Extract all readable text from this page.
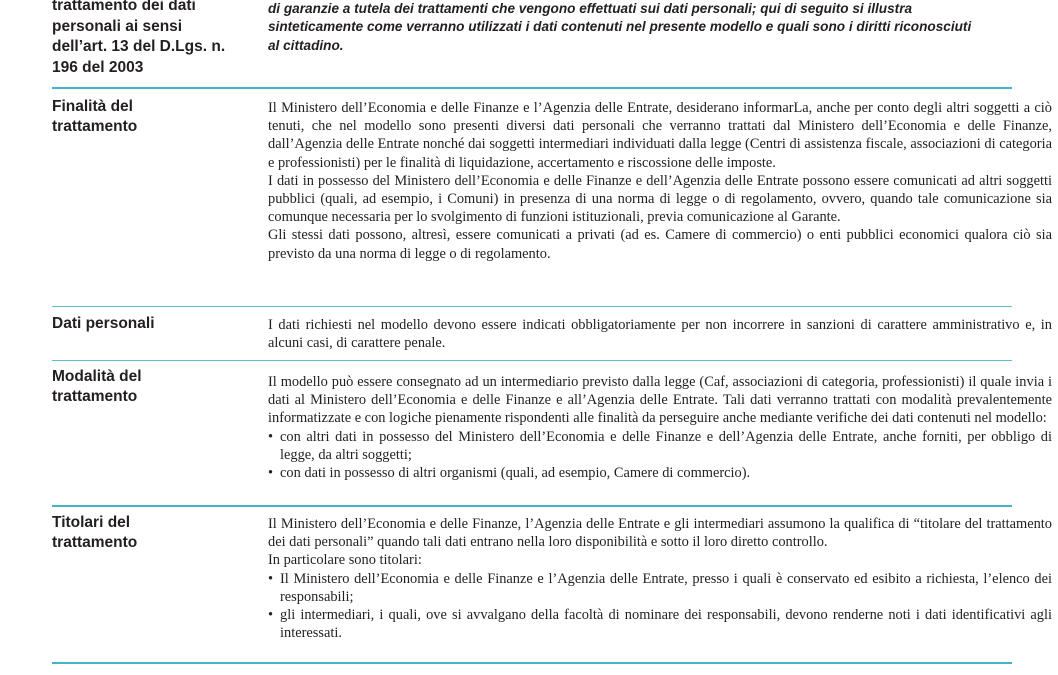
trattamento dei dati
personali ai sensi
dell’art. 13 del D.Lgs. n.
196 del 2003
di garanzie a tutela dei trattamenti che vengono effettuati sui dati personali; qui di seguito si illustra
sinteticamente come verranno utilizzati i dati contenuti nel presente modello e quali sono i diritti riconosciuti
al cittadino.
Finalità del trattamento

Il Ministero dell’Economia e delle Finanze e l’Agenzia delle Entrate, desiderano informarLa, anche per conto degli altri soggetti a ciò tenuti, che nel modello sono presenti diversi dati personali che verranno trattati dal Ministero dell’Economia e delle Finanze, dall’Agenzia delle Entrate nonché dai soggetti intermediari individuati dalla legge (Centri di assistenza fiscale, associazioni di categoria e professionisti) per le finalità di liquidazione, accertamento e riscossione delle imposte.

I dati in possesso del Ministero dell’Economia e delle Finanze e dell’Agenzia delle Entrate possono essere comunicati ad altri soggetti pubblici (quali, ad esempio, i Comuni) in presenza di una norma di legge o di regolamento, ovvero, quando tale comunicazione sia comunque necessaria per lo svolgimento di funzioni istituzionali, previa comunicazione al Garante.

Gli stessi dati possono, altresì, essere comunicati a privati (ad es. Camere di commercio) o enti pubblici economici qualora ciò sia previsto da una norma di legge o di regolamento.

Dati personali	I dati richiesti nel modello devono essere indicati obbligatoriamente per non incorrere in sanzioni di carattere amministrativo e, in alcuni casi, di carattere penale.

Modalità del trattamento

Il modello può essere consegnato ad un intermediario previsto dalla legge (Caf, associazioni di categoria, professionisti) il quale invia i dati al Ministero dell’Economia e delle Finanze e all’Agenzia delle Entrate. Tali dati verranno trattati con modalità prevalentemente informatizzate e con logiche pienamente rispondenti alle finalità da perseguire anche mediante verifiche dei dati contenuti nel modello:

• con altri dati in possesso del Ministero dell’Economia e delle Finanze e dell’Agenzia delle Entrate, anche forniti, per obbligo di legge, da altri soggetti;
• con dati in possesso di altri organismi (quali, ad esempio, Camere di commercio).
Titolari del trattamento

Il Ministero dell’Economia e delle Finanze, l’Agenzia delle Entrate e gli intermediari assumono la qualifica di “titolare del trattamento dei dati personali” quando tali dati entrano nella loro disponibilità e sotto il loro diretto controllo.

In particolare sono titolari:

• Il Ministero dell’Economia e delle Finanze e l’Agenzia delle Entrate, presso i quali è conservato ed esibito a richiesta, l’elenco dei responsabili;
• gli intermediari, i quali, ove si avvalgano della facoltà di nominare dei responsabili, devono renderne noti i dati identificativi agli interessati.
